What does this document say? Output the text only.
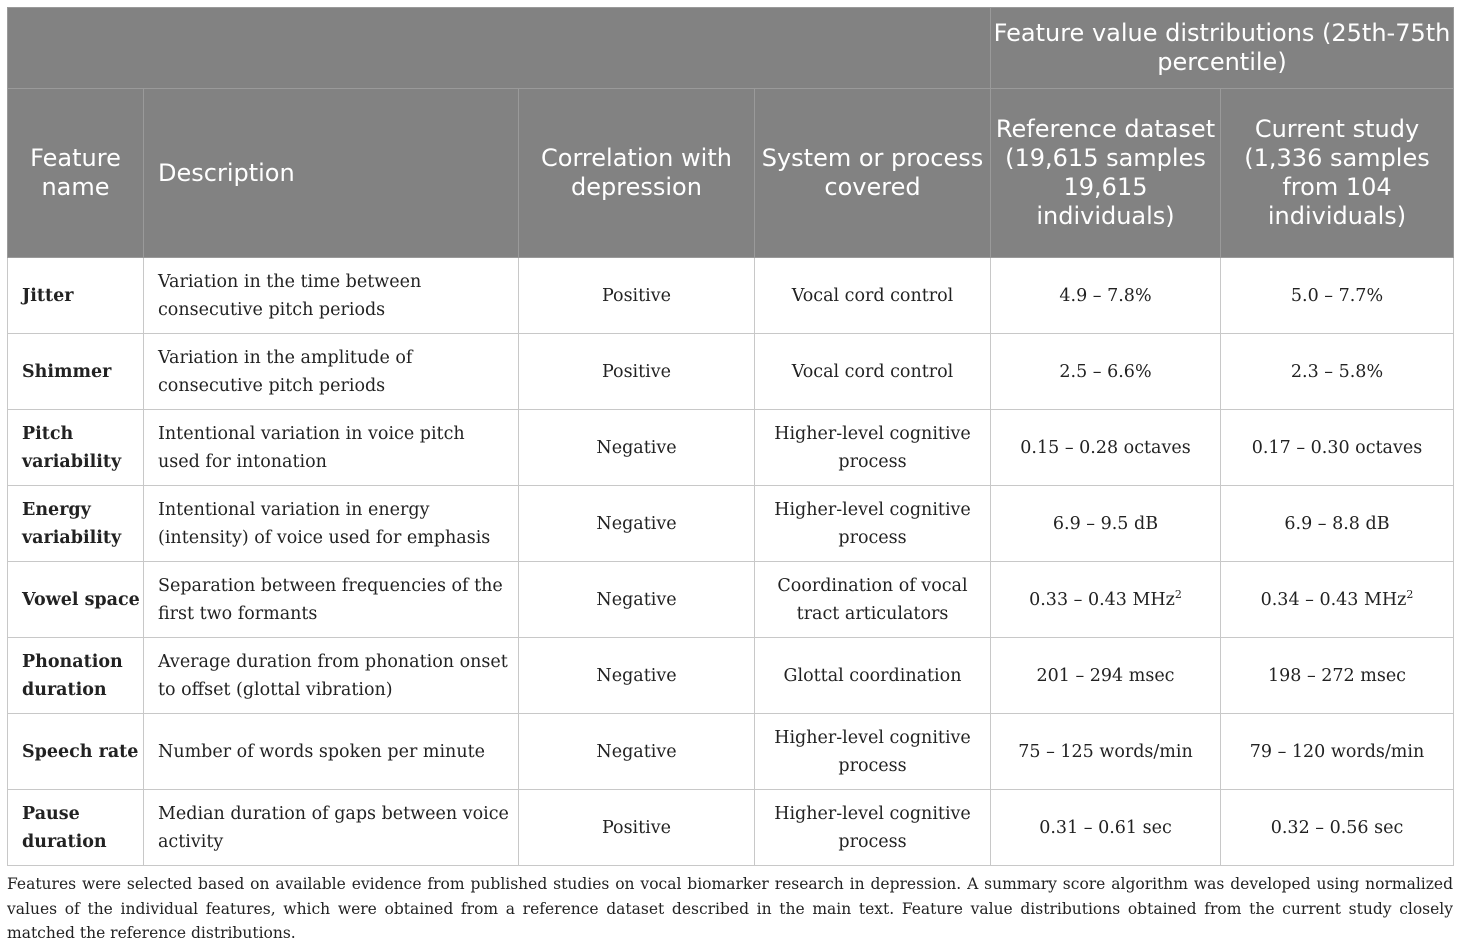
				Feature value distributions (25th-75th percentile)	
Feature name	Description	Correlation with depression	System or process covered	Reference dataset (19,615 samples 19,615 individuals)	Current study (1,336 samples from 104 individuals)
Jitter	Variation in the time between consecutive pitch periods	Positive	Vocal cord control	4.9 – 7.8%	5.0 – 7.7%
Shimmer	Variation in the amplitude of consecutive pitch periods	Positive	Vocal cord control	2.5 – 6.6%	2.3 – 5.8%
Pitch variability	Intentional variation in voice pitch used for intonation	Negative	Higher-level cognitive process	0.15 – 0.28 octaves	0.17 – 0.30 octaves
Energy variability	Intentional variation in energy (intensity) of voice used for emphasis	Negative	Higher-level cognitive process	6.9 – 9.5 dB	6.9 – 8.8 dB
Vowel space	Separation between frequencies of the first two formants	Negative	Coordination of vocal tract articulators	0.33 – 0.43 MHz$^2$	0.34 – 0.43 MHz$^2$
Phonation duration	Average duration from phonation onset to offset (glottal vibration)	Negative	Glottal coordination	201 – 294 msec	198 – 272 msec
Speech rate	Number of words spoken per minute	Negative	Higher-level cognitive process	75 – 125 words/min	79 – 120 words/min
Pause duration	Median duration of gaps between voice activity	Positive	Higher-level cognitive process	0.31 – 0.61 sec	0.32 – 0.56 sec

Features were selected based on available evidence from published studies on vocal biomarker research in depression. A summary score algorithm was developed using normalized values of the individual features, which were obtained from a reference dataset described in the main text. Feature value distributions obtained from the current study closely matched the reference distributions.
